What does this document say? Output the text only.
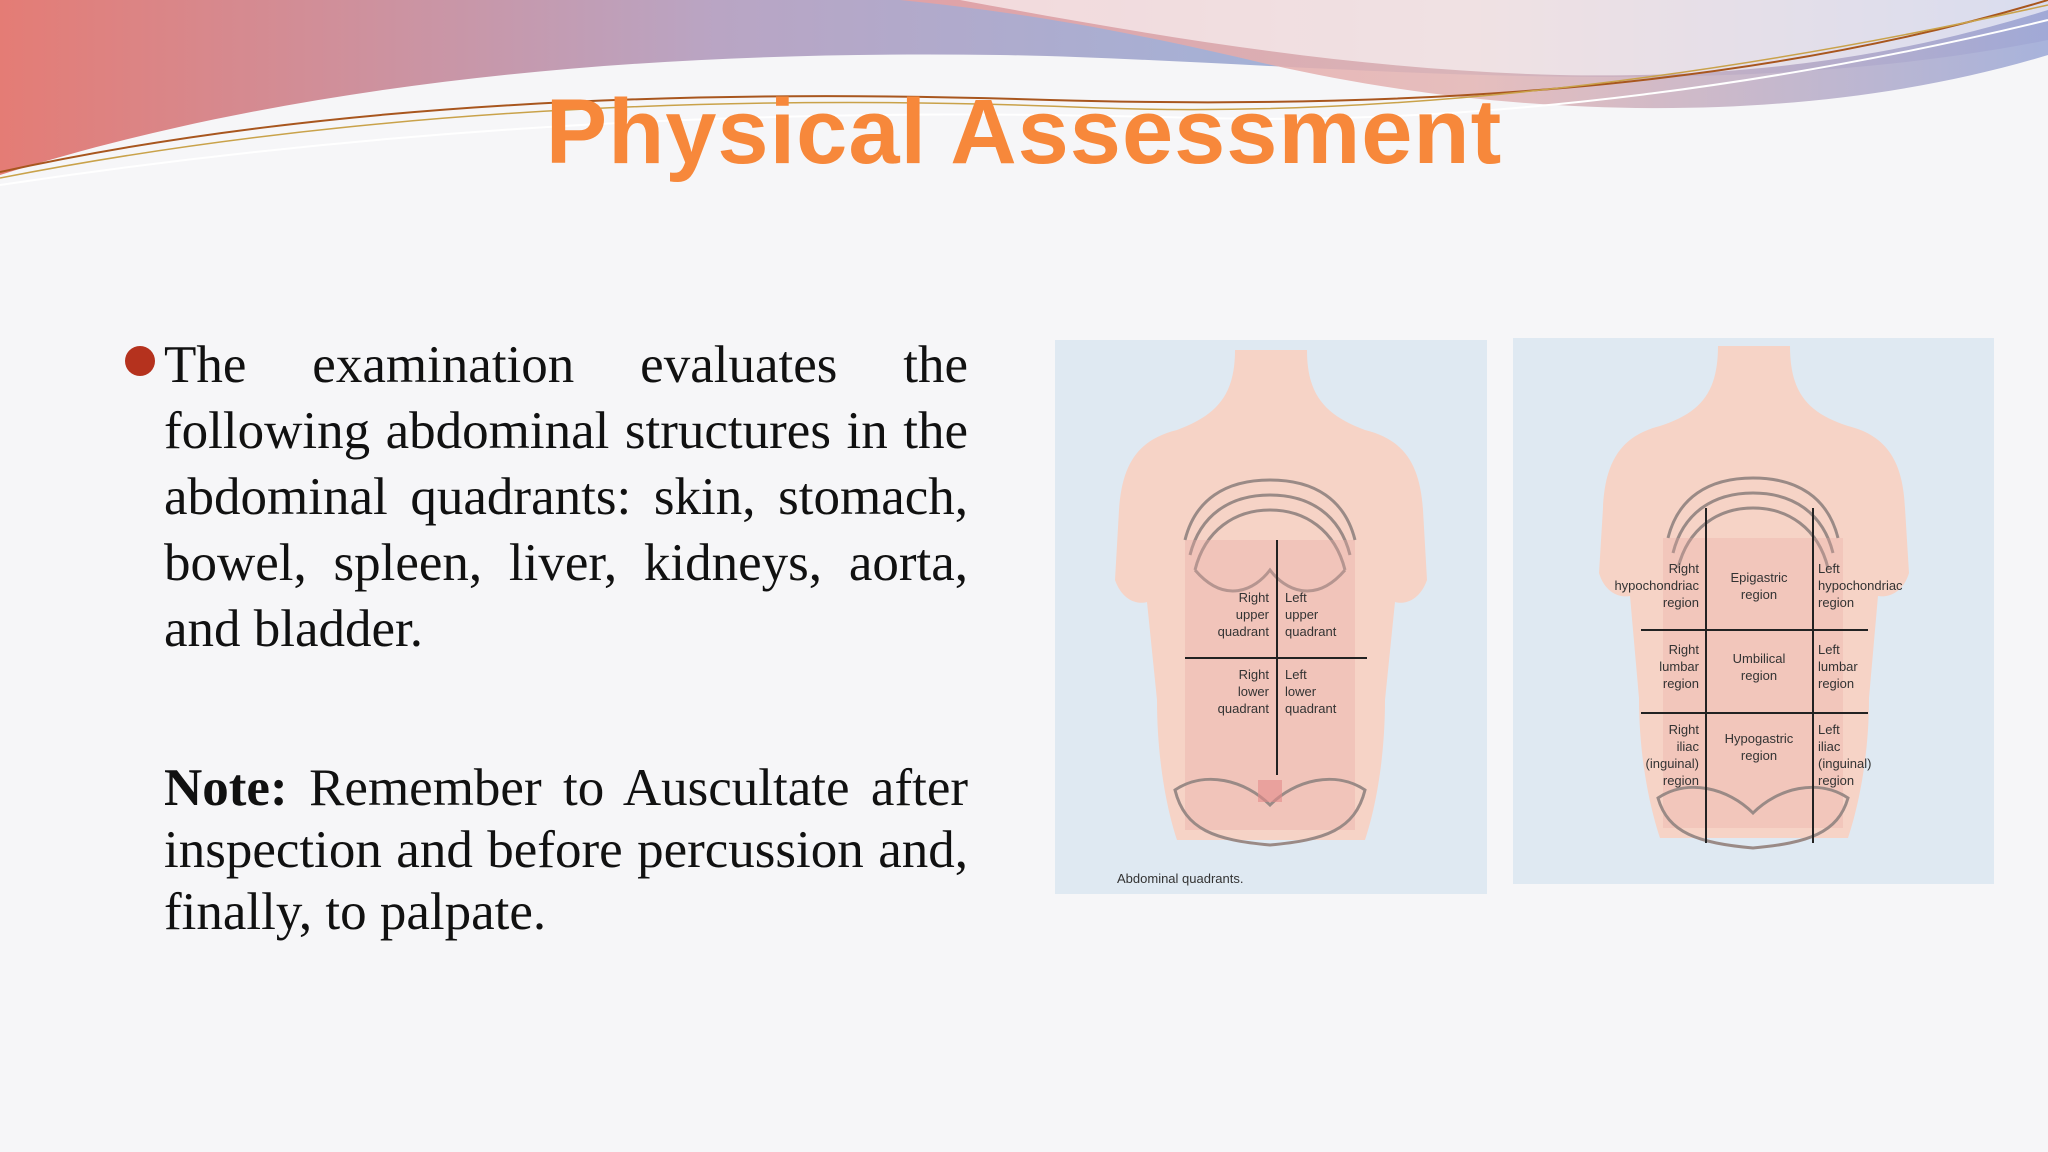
Physical Assessment
The examination evaluates the following abdominal structures in the abdominal quadrants: skin, stomach, bowel, spleen, liver, kidneys, aorta, and bladder.
Note: Remember to Auscultate after inspection and before percussion and, finally, to palpate.
Right
upper
quadrant
Left
upper
quadrant
Right
lower
quadrant
Left
lower
quadrant
Abdominal quadrants.
Right
hypochondriac
region
Epigastric
region
Left
hypochondriac
region
Right
lumbar
region
Umbilical
region
Left
lumbar
region
Right
iliac
(inguinal)
region
Hypogastric
region
Left
iliac
(inguinal)
region
